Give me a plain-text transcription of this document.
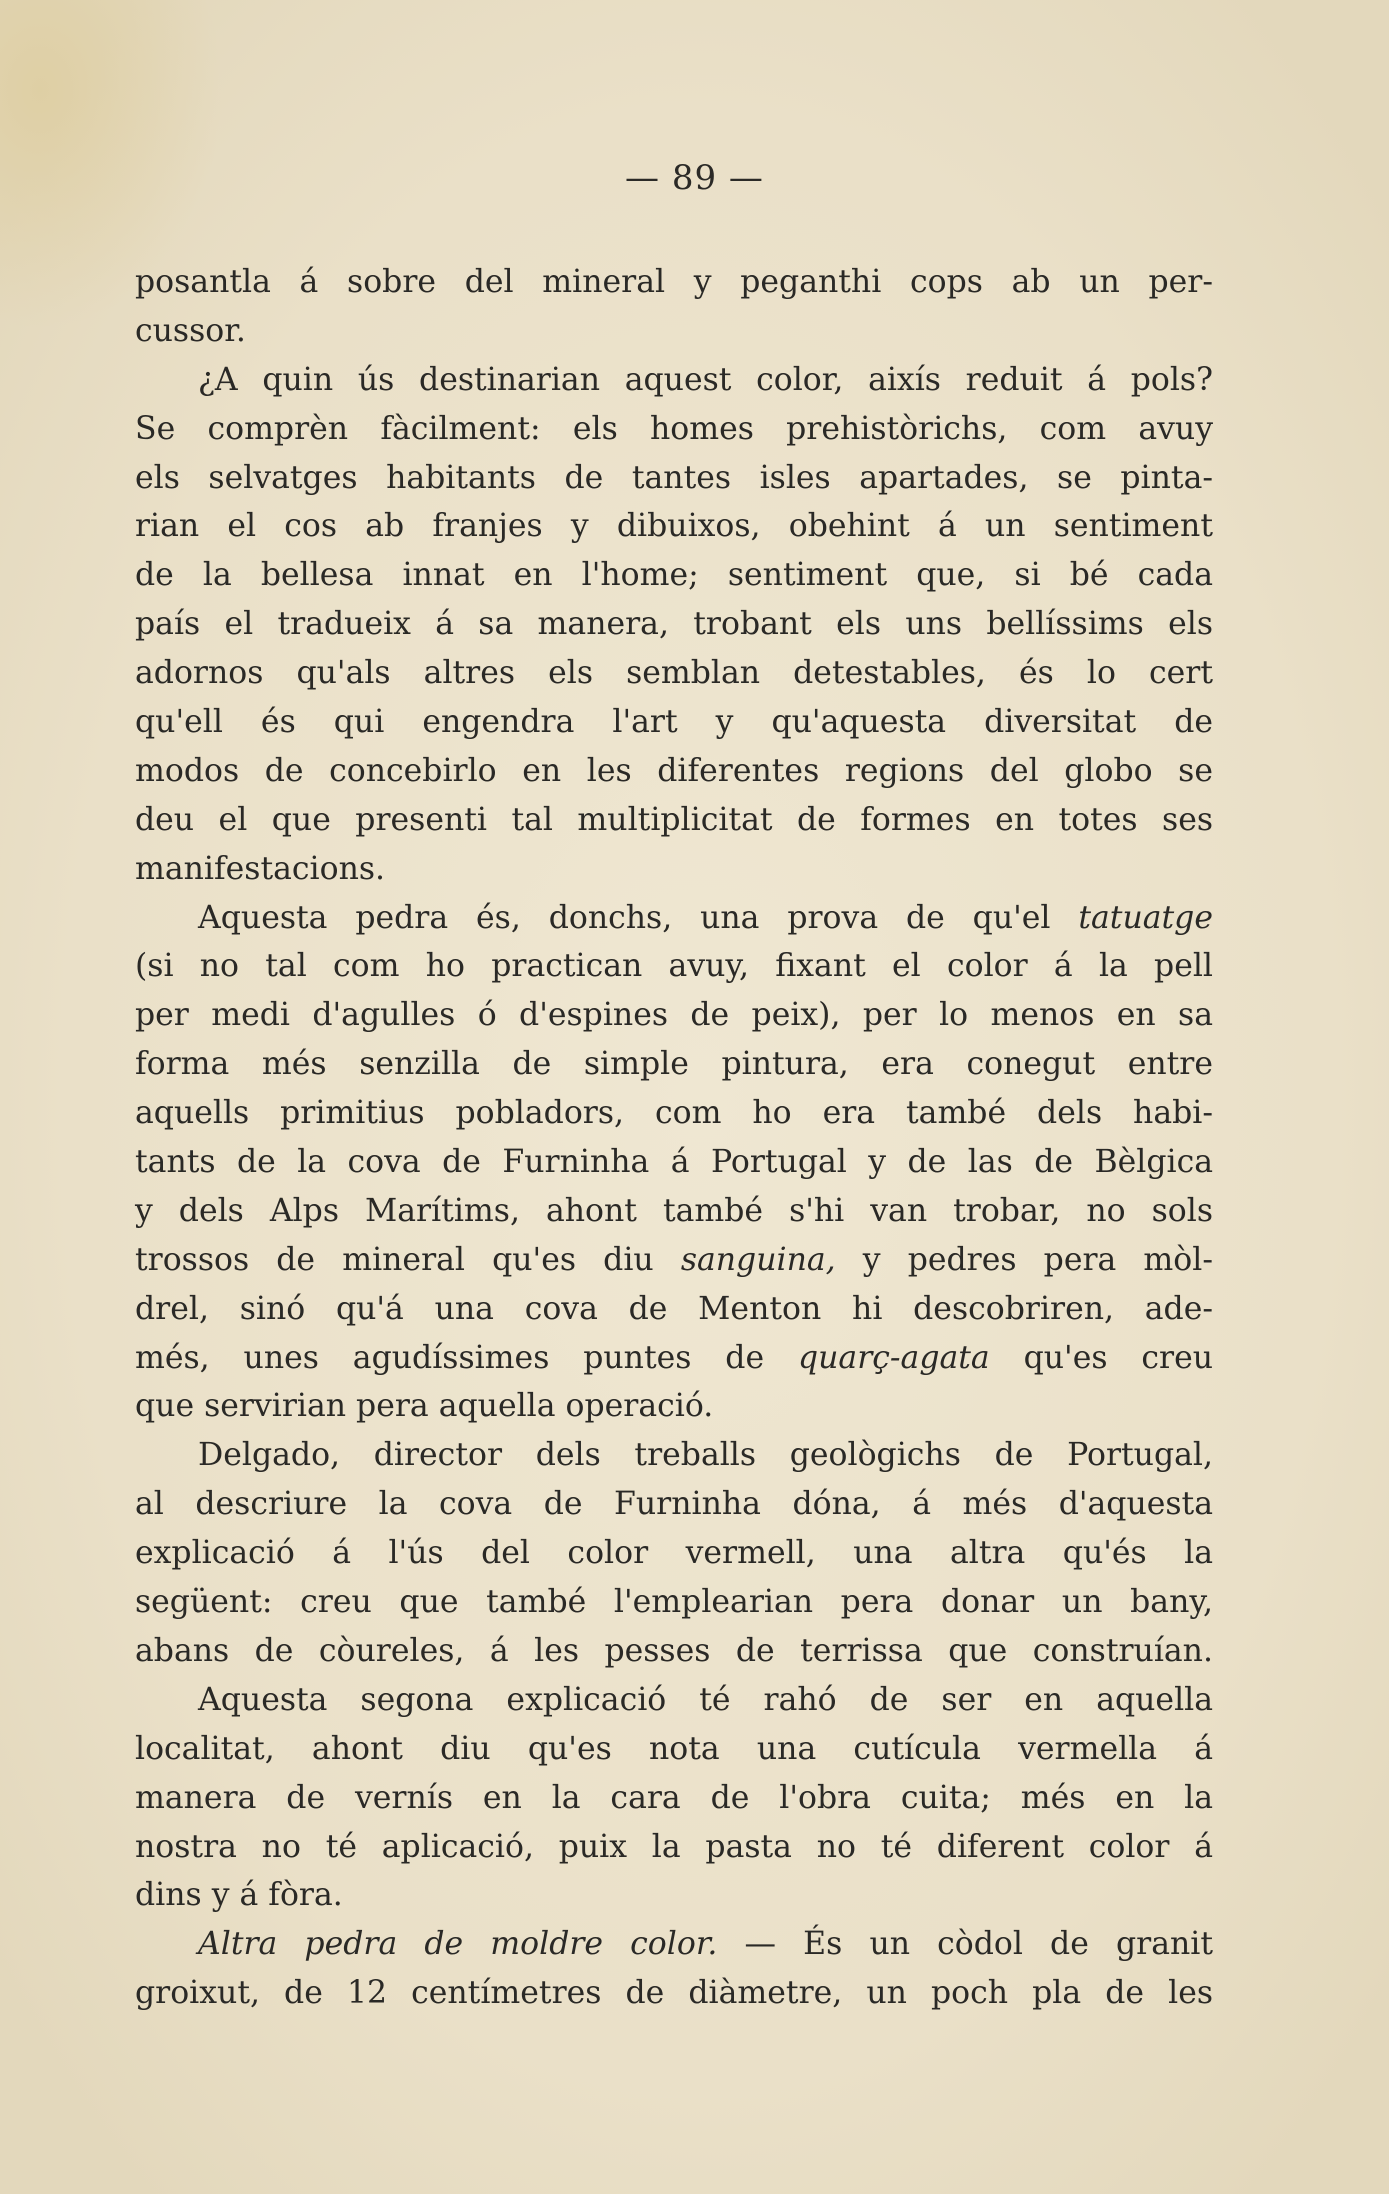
— 89 —
posantla á sobre del mineral y peganthi cops ab un per-
cussor.
¿A quin ús destinarian aquest color, aixís reduit á pols?
Se comprèn fàcilment: els homes prehistòrichs, com avuy
els selvatges habitants de tantes isles apartades, se pinta-
rian el cos ab franjes y dibuixos, obehint á un sentiment
de la bellesa innat en l'home; sentiment que, si bé cada
país el tradueix á sa manera, trobant els uns bellíssims els
adornos qu'als altres els semblan detestables, és lo cert
qu'ell és qui engendra l'art y qu'aquesta diversitat de
modos de concebirlo en les diferentes regions del globo se
deu el que presenti tal multiplicitat de formes en totes ses
manifestacions.
Aquesta pedra és, donchs, una prova de qu'el tatuatge
(si no tal com ho practican avuy, fixant el color á la pell
per medi d'agulles ó d'espines de peix), per lo menos en sa
forma més senzilla de simple pintura, era conegut entre
aquells primitius pobladors, com ho era també dels habi-
tants de la cova de Furninha á Portugal y de las de Bèlgica
y dels Alps Marítims, ahont també s'hi van trobar, no sols
trossos de mineral qu'es diu sanguina, y pedres pera mòl-
drel, sinó qu'á una cova de Menton hi descobriren, ade-
més, unes agudíssimes puntes de quarç-agata qu'es creu
que servirian pera aquella operació.
Delgado, director dels treballs geològichs de Portugal,
al descriure la cova de Furninha dóna, á més d'aquesta
explicació á l'ús del color vermell, una altra qu'és la
següent: creu que també l'emplearian pera donar un bany,
abans de còureles, á les pesses de terrissa que construían.
Aquesta segona explicació té rahó de ser en aquella
localitat, ahont diu qu'es nota una cutícula vermella á
manera de vernís en la cara de l'obra cuita; més en la
nostra no té aplicació, puix la pasta no té diferent color á
dins y á fòra.
Altra pedra de moldre color. — És un còdol de granit
groixut, de 12 centímetres de diàmetre, un poch pla de les
